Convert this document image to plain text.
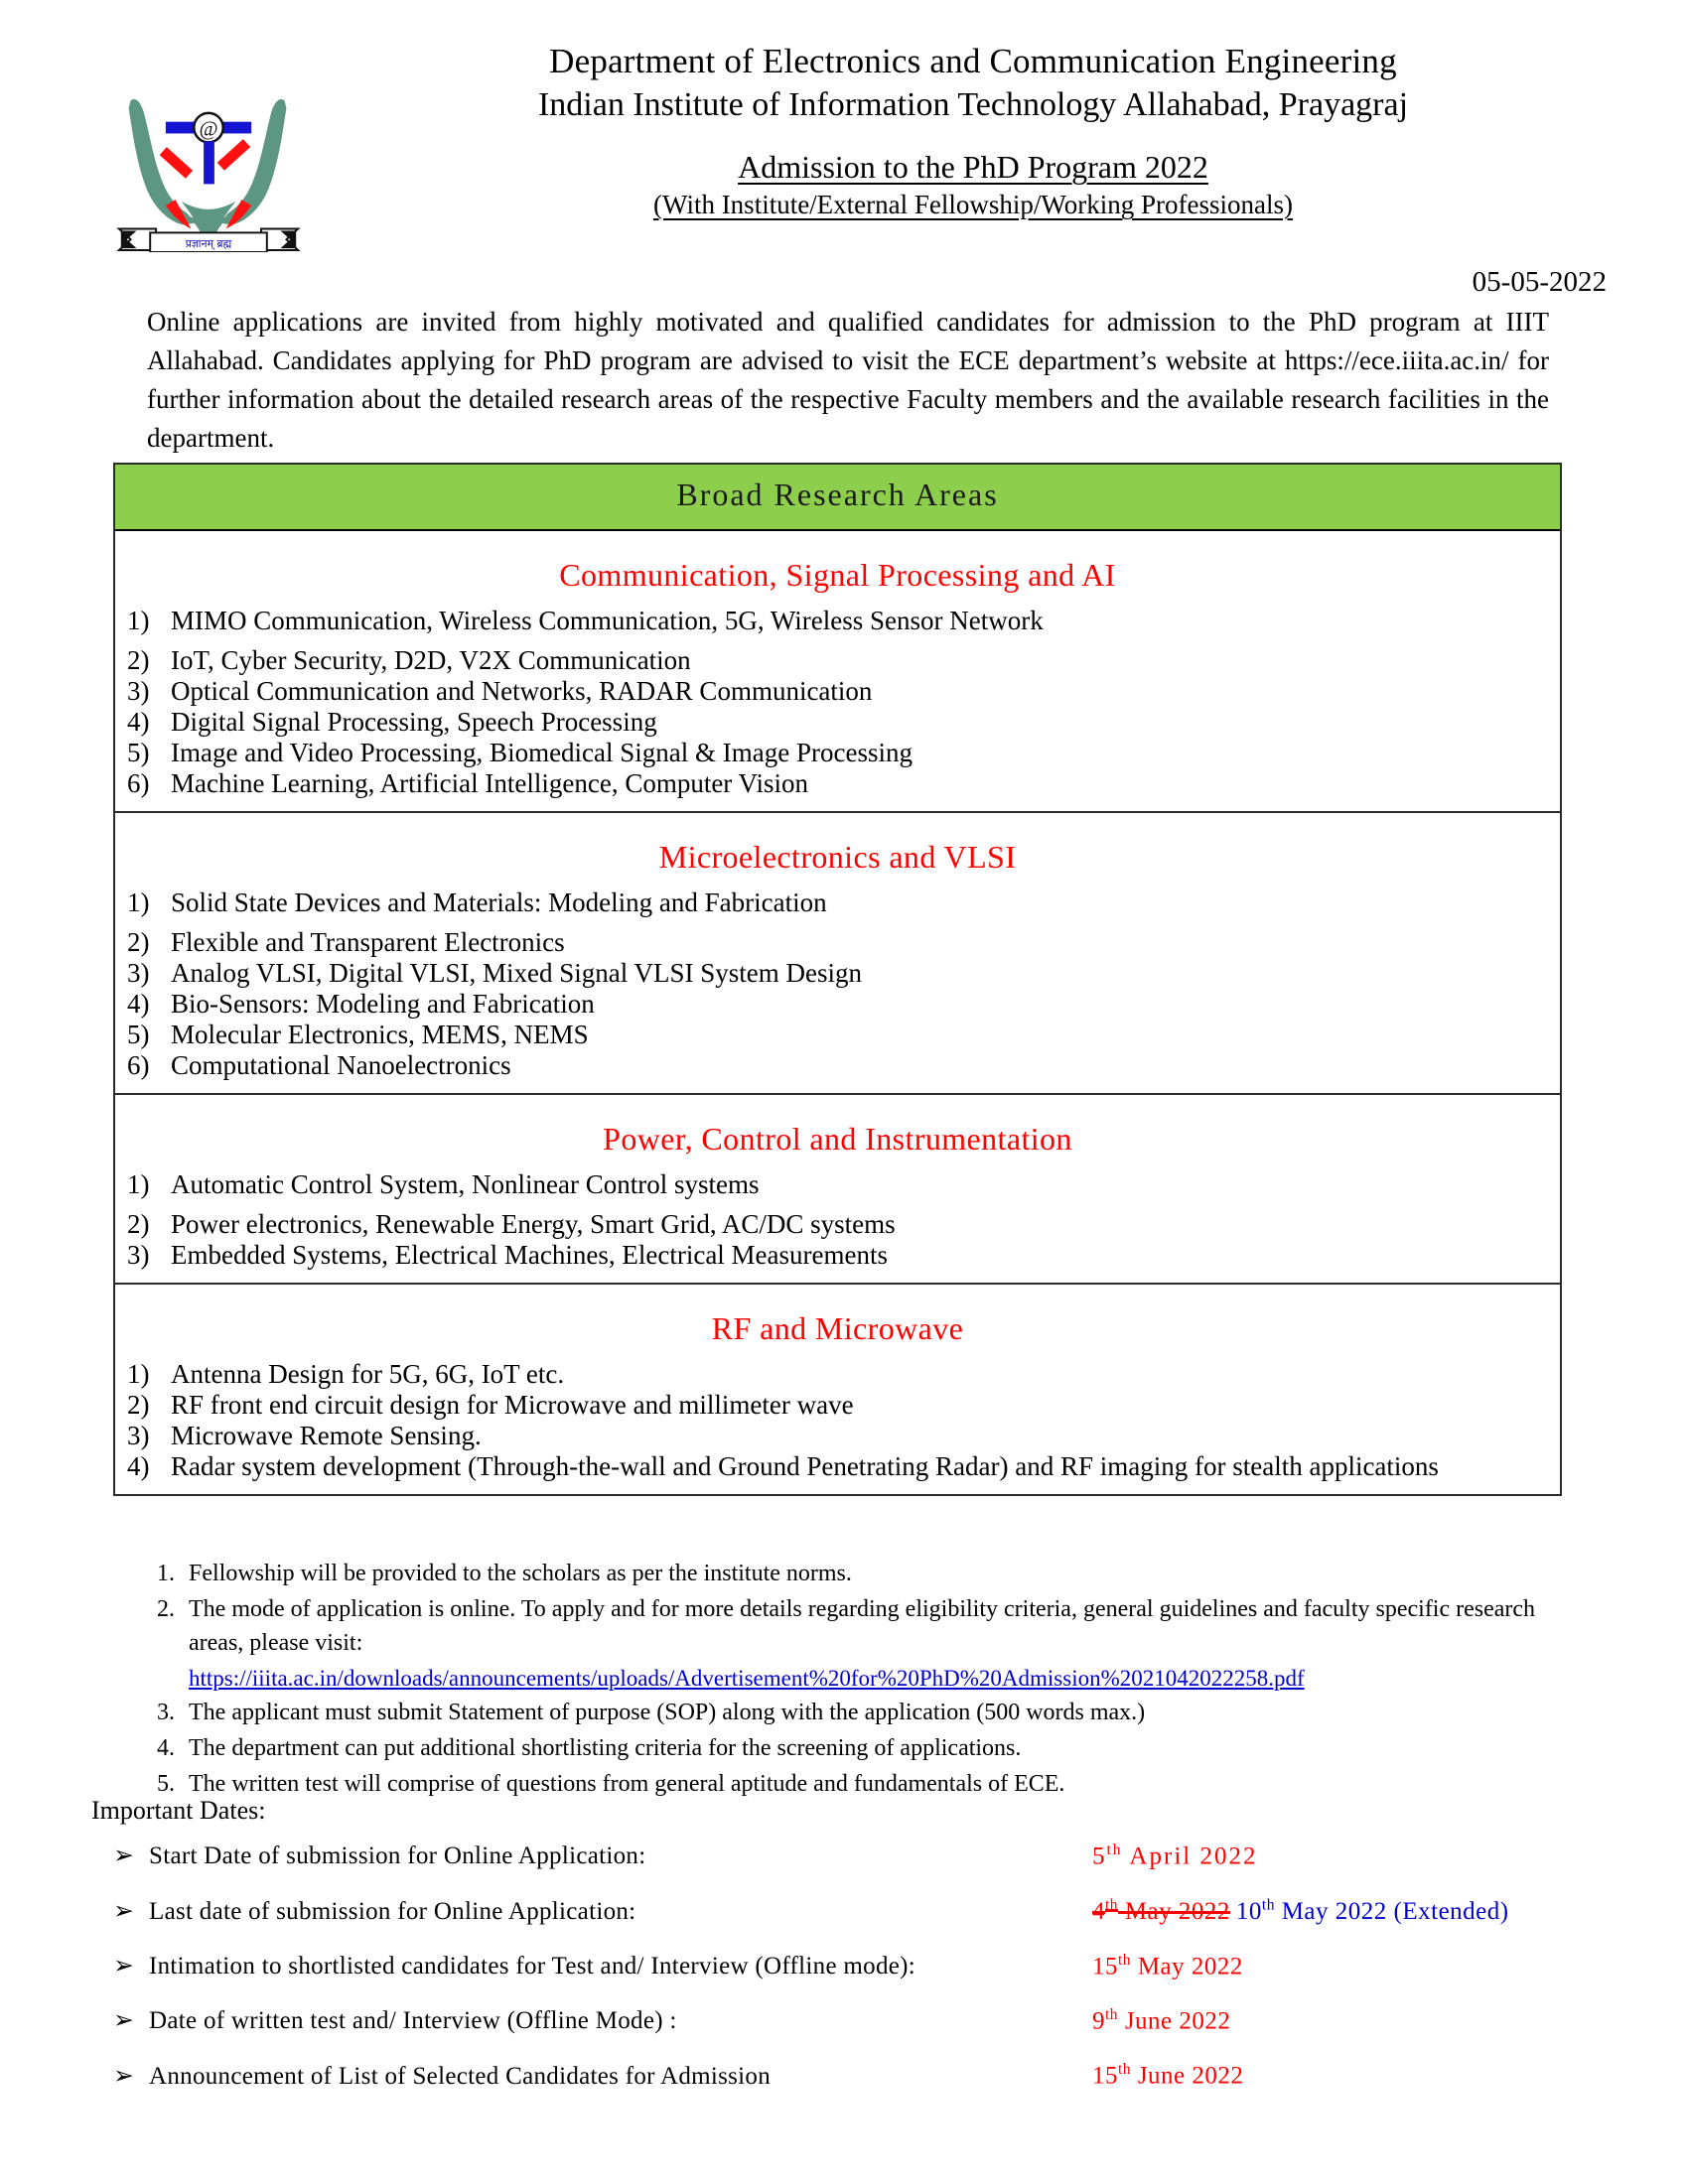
@
प्रज्ञानम् ब्रह्म
Department of Electronics and Communication Engineering
Indian Institute of Information Technology Allahabad, Prayagraj
Admission to the PhD Program 2022
(With Institute/External Fellowship/Working Professionals)
05-05-2022
Online applications are invited from highly motivated and qualified candidates for admission to the PhD program at IIIT Allahabad. Candidates applying for PhD program are advised to visit the ECE department’s website at https://ece.iiita.ac.in/ for further information about the detailed research areas of the respective Faculty members and the available research facilities in the department.
Broad Research Areas
Communication, Signal Processing and AI
1) MIMO Communication, Wireless Communication, 5G, Wireless Sensor Network
2) IoT, Cyber Security, D2D, V2X Communication
3) Optical Communication and Networks, RADAR Communication
4) Digital Signal Processing, Speech Processing
5) Image and Video Processing, Biomedical Signal & Image Processing
6) Machine Learning, Artificial Intelligence, Computer Vision
Microelectronics and VLSI
1) Solid State Devices and Materials: Modeling and Fabrication
2) Flexible and Transparent Electronics
3) Analog VLSI, Digital VLSI, Mixed Signal VLSI System Design
4) Bio-Sensors: Modeling and Fabrication
5) Molecular Electronics, MEMS, NEMS
6) Computational Nanoelectronics
Power, Control and Instrumentation
1) Automatic Control System, Nonlinear Control systems
2) Power electronics, Renewable Energy, Smart Grid, AC/DC systems
3) Embedded Systems, Electrical Machines, Electrical Measurements
RF and Microwave
1) Antenna Design for 5G, 6G, IoT etc.
2) RF front end circuit design for Microwave and millimeter wave
3) Microwave Remote Sensing.
4) Radar system development (Through-the-wall and Ground Penetrating Radar) and RF imaging for stealth applications
1. Fellowship will be provided to the scholars as per the institute norms.
2. The mode of application is online. To apply and for more details regarding eligibility criteria, general guidelines and faculty specific research areas, please visit:
https://iiita.ac.in/downloads/announcements/uploads/Advertisement%20for%20PhD%20Admission%2021042022258.pdf
3. The applicant must submit Statement of purpose (SOP) along with the application (500 words max.)
4. The department can put additional shortlisting criteria for the screening of applications.
5. The written test will comprise of questions from general aptitude and fundamentals of ECE.
Important Dates:
➢ Start Date of submission for Online Application:	5th April 2022
➢ Last date of submission for Online Application:	4th May 2022 10th May 2022 (Extended)
➢ Intimation to shortlisted candidates for Test and/ Interview (Offline mode):	15th May 2022
➢ Date of written test and/ Interview (Offline Mode) :	9th June 2022
➢ Announcement of List of Selected Candidates for Admission	15th June 2022
